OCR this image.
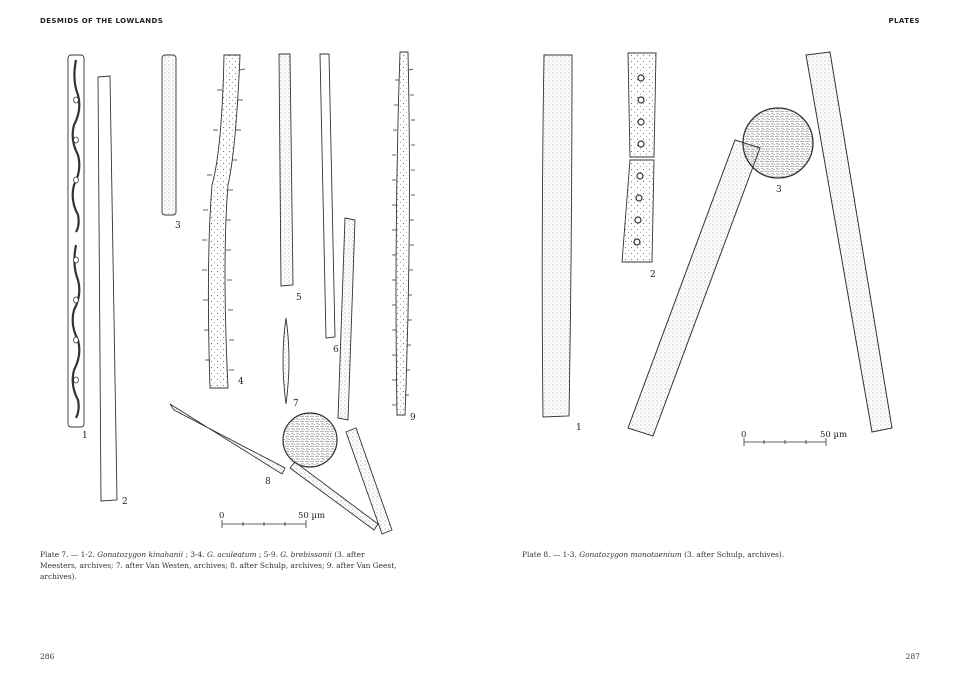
DESMIDS OF THE LOWLANDS	PLATES
1
2
3
4
5
6
7
8
9
0	50 µm
1
2
3
0	50 µm
Plate 7. — 1-2. Gonatozygon kinahanii ; 3-4. G. aculeatum ; 5-9. G. brebissonii (3. after Meesters, archives; 7. after Van Westen, archives; 8. after Schulp, archives; 9. after Van Geest, archives).
Plate 8. — 1-3. Gonatozygon monotaenium (3. after Schulp, archives).
286	287
